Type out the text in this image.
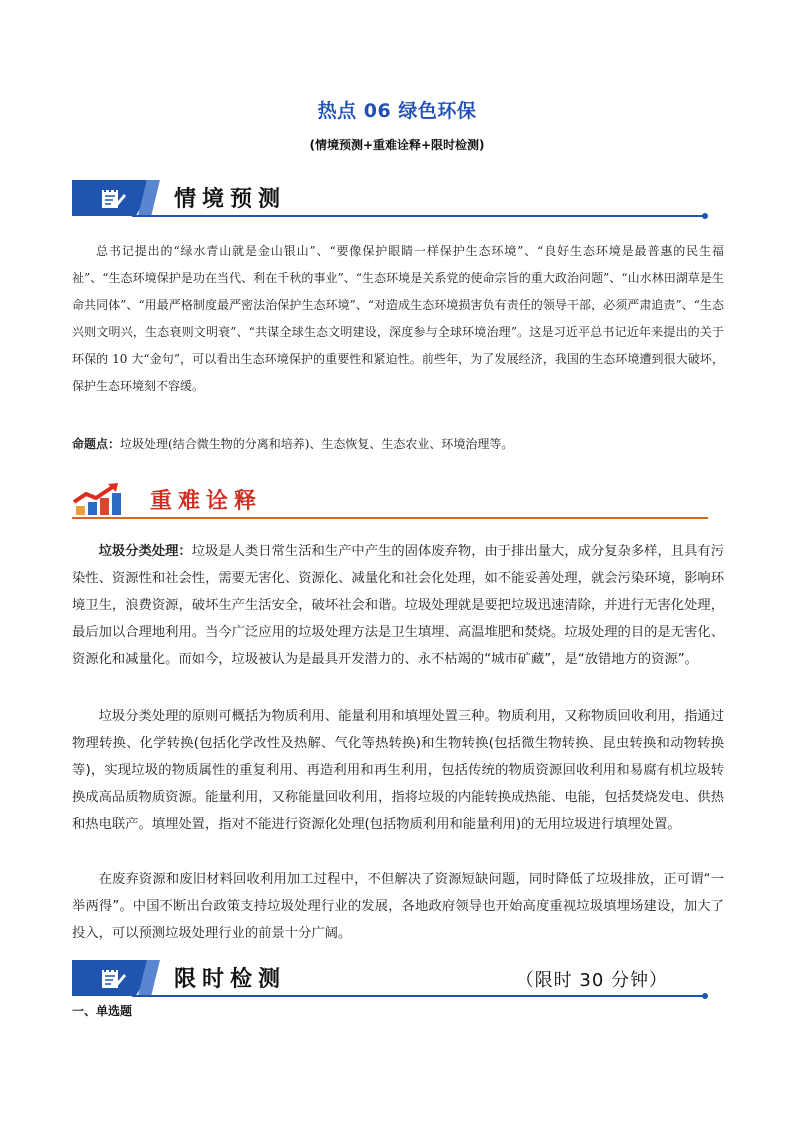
热点 06 绿色环保
(情境预测+重难诠释+限时检测)
情境预测
总书记提出的“绿水青山就是金山银山”、“要像保护眼睛一样保护生态环境”、“良好生态环境是最普惠的民生福祉”、“生态环境保护是功在当代、利在千秋的事业”、“生态环境是关系党的使命宗旨的重大政治问题”、“山水林田湖草是生命共同体”、“用最严格制度最严密法治保护生态环境”、“对造成生态环境损害负有责任的领导干部，必须严肃追责”、“生态兴则文明兴，生态衰则文明衰”、“共谋全球生态文明建设，深度参与全球环境治理”。这是习近平总书记近年来提出的关于环保的 10 大“金句”，可以看出生态环境保护的重要性和紧迫性。前些年，为了发展经济，我国的生态环境遭到很大破坏，保护生态环境刻不容缓。
命题点：垃圾处理(结合微生物的分离和培养)、生态恢复、生态农业、环境治理等。
重难诠释
垃圾分类处理：垃圾是人类日常生活和生产中产生的固体废弃物，由于排出量大，成分复杂多样，且具有污染性、资源性和社会性，需要无害化、资源化、减量化和社会化处理，如不能妥善处理，就会污染环境，影响环境卫生，浪费资源，破坏生产生活安全，破坏社会和谐。垃圾处理就是要把垃圾迅速清除，并进行无害化处理，最后加以合理地利用。当今广泛应用的垃圾处理方法是卫生填埋、高温堆肥和焚烧。垃圾处理的目的是无害化、资源化和减量化。而如今，垃圾被认为是最具开发潜力的、永不枯竭的“城市矿藏”，是“放错地方的资源”。
垃圾分类处理的原则可概括为物质利用、能量利用和填埋处置三种。物质利用，又称物质回收利用，指通过物理转换、化学转换(包括化学改性及热解、气化等热转换)和生物转换(包括微生物转换、昆虫转换和动物转换等)，实现垃圾的物质属性的重复利用、再造利用和再生利用，包括传统的物质资源回收利用和易腐有机垃圾转换成高品质物质资源。能量利用，又称能量回收利用，指将垃圾的内能转换成热能、电能，包括焚烧发电、供热和热电联产。填埋处置，指对不能进行资源化处理(包括物质利用和能量利用)的无用垃圾进行填埋处置。
在废弃资源和废旧材料回收利用加工过程中，不但解决了资源短缺问题，同时降低了垃圾排放，正可谓“一举两得”。中国不断出台政策支持垃圾处理行业的发展，各地政府领导也开始高度重视垃圾填埋场建设，加大了投入，可以预测垃圾处理行业的前景十分广阔。
限时检测	（限时 30 分钟）
一、单选题
